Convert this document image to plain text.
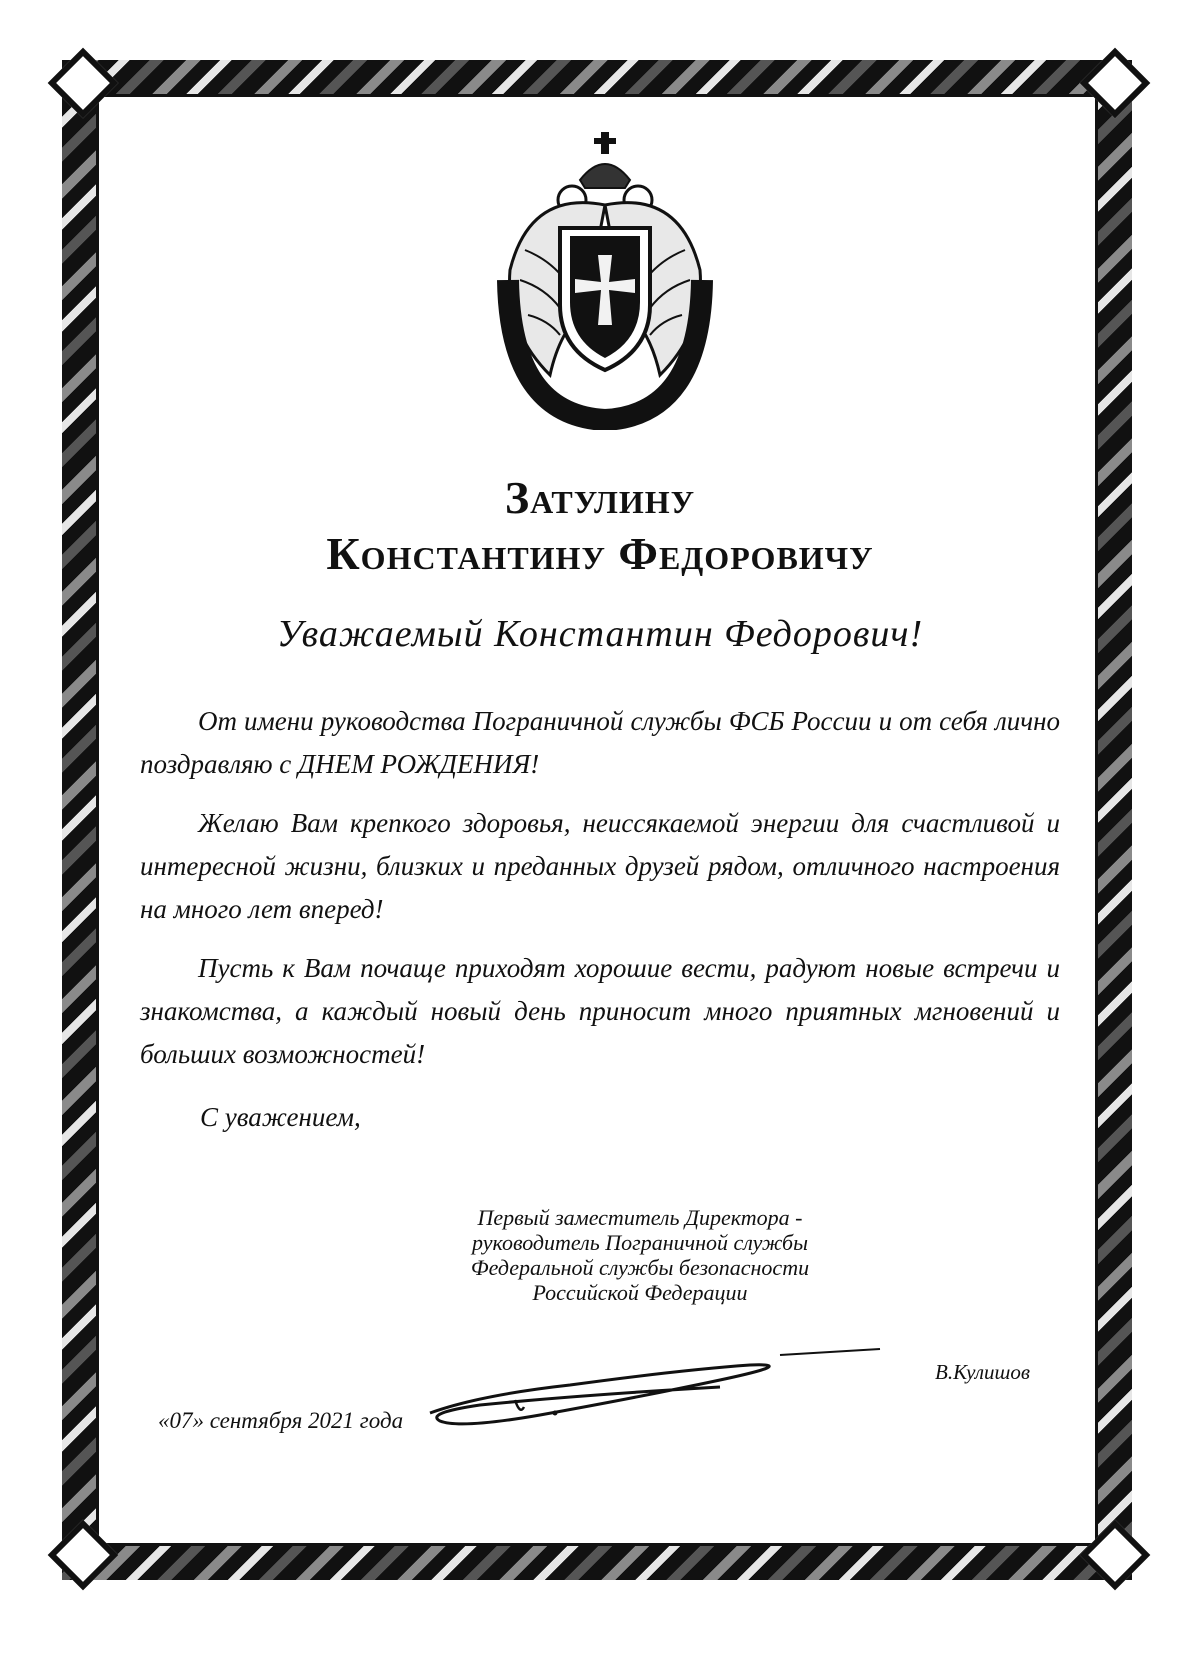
Затулину
Константину Федоровичу
Уважаемый Константин Федорович!

От имени руководства Пограничной службы ФСБ России и от себя лично поздравляю с ДНЕМ РОЖДЕНИЯ!

Желаю Вам крепкого здоровья, неиссякаемой энергии для счастливой и интересной жизни, близких и преданных друзей рядом, отличного настроения на много лет вперед!

Пусть к Вам почаще приходят хорошие вести, радуют новые встречи и знакомства, а каждый новый день приносит много приятных мгновений и больших возможностей!

С уважением,
Первый заместитель Директора -
руководитель Пограничной службы
Федеральной службы безопасности
Российской Федерации
В.Кулишов
«07» сентября 2021 года
